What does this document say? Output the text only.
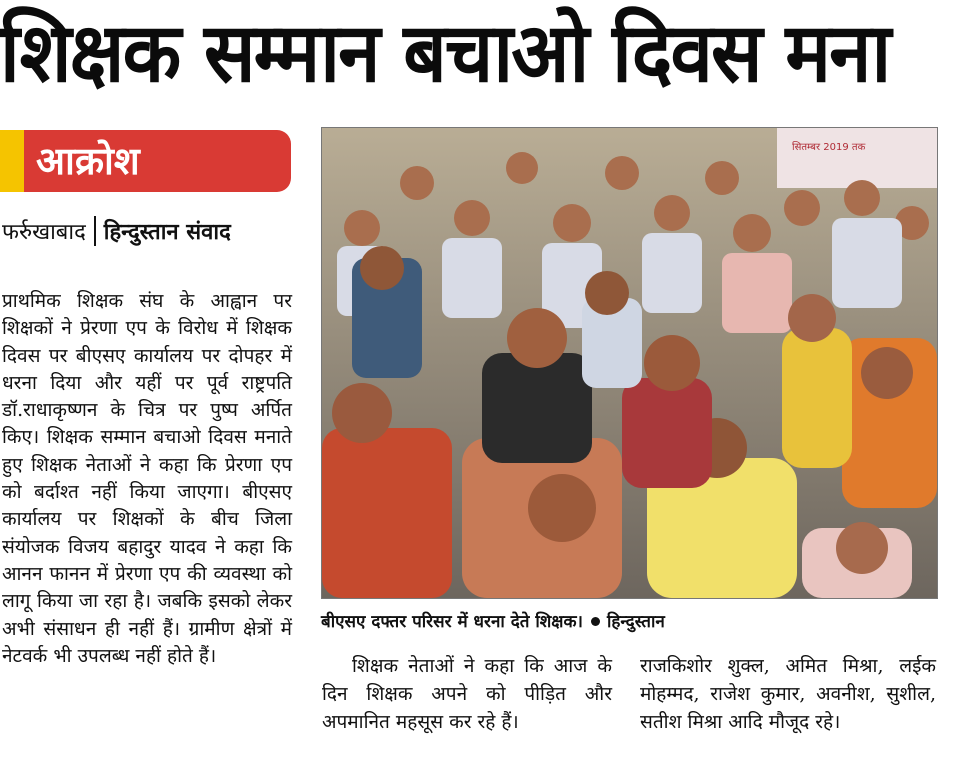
शिक्षक सम्मान बचाओ दिवस मना
आक्रोश
फर्रुखाबाद हिन्दुस्तान संवाद
प्राथमिक शिक्षक संघ के आह्वान पर शिक्षकों ने प्रेरणा एप के विरोध में शिक्षक दिवस पर बीएसए कार्यालय पर दोपहर में धरना दिया और यहीं पर पूर्व राष्ट्रपति डॉ.राधाकृष्णन के चित्र पर पुष्प अर्पित किए। शिक्षक सम्मान बचाओ दिवस मनाते हुए शिक्षक नेताओं ने कहा कि प्रेरणा एप को बर्दाश्त नहीं किया जाएगा। बीएसए कार्यालय पर शिक्षकों के बीच जिला संयोजक विजय बहादुर यादव ने कहा कि आनन फानन में प्रेरणा एप की व्यवस्था को लागू किया जा रहा है। जबकि इसको लेकर अभी संसाधन ही नहीं हैं। ग्रामीण क्षेत्रों में नेटवर्क भी उपलब्ध नहीं होते हैं।
सितम्बर 2019 तक
बीएसए दफ्तर परिसर में धरना देते शिक्षक। हिन्दुस्तान
शिक्षक नेताओं ने कहा कि आज के दिन शिक्षक अपने को पीड़ित और अपमानित महसूस कर रहे हैं।
राजकिशोर शुक्ल, अमित मिश्रा, लईक मोहम्मद, राजेश कुमार, अवनीश, सुशील, सतीश मिश्रा आदि मौजूद रहे।
